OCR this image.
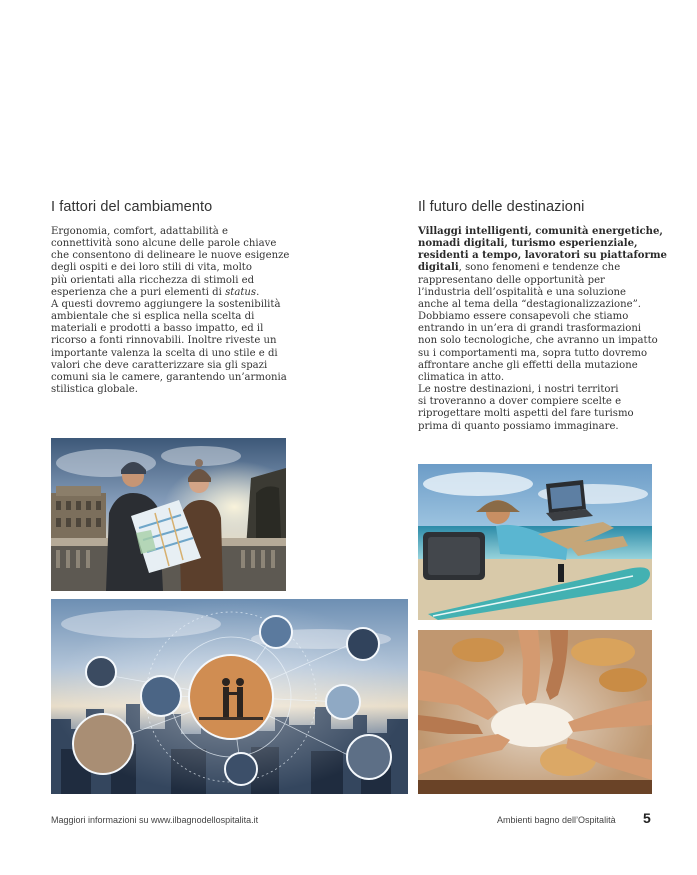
I fattori del cambiamento

Ergonomia, comfort, adattabilità e

connettività sono alcune delle parole chiave

che consentono di delineare le nuove esigenze

degli ospiti e dei loro stili di vita, molto

più orientati alla ricchezza di stimoli ed

esperienza che a puri elementi di status.

A questi dovremo aggiungere la sostenibilità

ambientale che si esplica nella scelta di

materiali e prodotti a basso impatto, ed il

ricorso a fonti rinnovabili. Inoltre riveste un

importante valenza la scelta di uno stile e di

valori che deve caratterizzare sia gli spazi

comuni sia le camere, garantendo un’armonia

stilistica globale.

Il futuro delle destinazioni

Villaggi intelligenti, comunità energetiche,

nomadi digitali, turismo esperienziale,

residenti a tempo, lavoratori su piattaforme

digitali, sono fenomeni e tendenze che

rappresentano delle opportunità per

l’industria dell’ospitalità e una soluzione

anche al tema della “destagionalizzazione”.

Dobbiamo essere consapevoli che stiamo

entrando in un’era di grandi trasformazioni

non solo tecnologiche, che avranno un impatto

su i comportamenti ma, sopra tutto dovremo

affrontare anche gli effetti della mutazione

climatica in atto.

Le nostre destinazioni, i nostri territori

si troveranno a dover compiere scelte e

riprogettare molti aspetti del fare turismo

prima di quanto possiamo immaginare.

Maggiori informazioni su www.ilbagnodellospitalita.it	Ambienti bagno dell’Ospitalità 5
